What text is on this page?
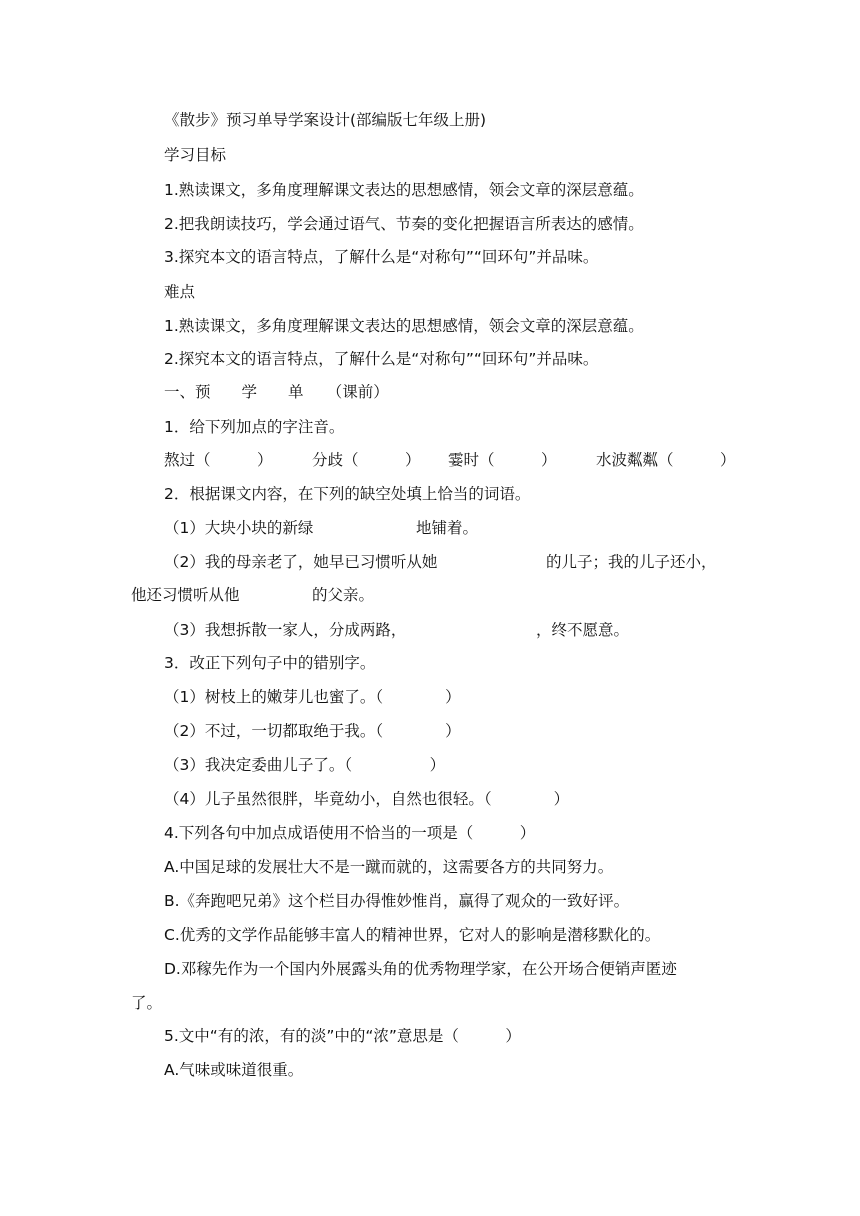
《散步》预习单导学案设计(部编版七年级上册)

学习目标

1.熟读课文，多角度理解课文表达的思想感情，领会文章的深层意蕴。

2.把我朗读技巧，学会通过语气、节奏的变化把握语言所表达的感情。

3.探究本文的语言特点，了解什么是“对称句”“回环句”并品味。

难点

1.熟读课文，多角度理解课文表达的思想感情，领会文章的深层意蕴。

2.探究本文的语言特点，了解什么是“对称句”“回环句”并品味。

一、预　　学　　单　　（课前）

1．给下列加点的字注音。

熬过（　　　）

	分歧（　　　）

霎时（　　　）

	水波粼粼（　　　）

2．根据课文内容，在下列的缺空处填上恰当的词语。

（1）大块小块的新绿

	地铺着。

（2）我的母亲老了，她早已习惯听从她

	的儿子；我的儿子还小，

他还习惯听从他

	的父亲。

（3）我想拆散一家人，分成两路，

	，终不愿意。

3．改正下列句子中的错别字。

（1）树枝上的嫩芽儿也蜜了。（　　　　）

（2）不过，一切都取绝于我。（　　　　）

（3）我决定委曲儿子了。（　　　　　）

（4）儿子虽然很胖，毕竟幼小，自然也很轻。（　　　　）

4.下列各句中加点成语使用不恰当的一项是（　　　）

A.中国足球的发展壮大不是一蹴而就的，这需要各方的共同努力。

B.《奔跑吧兄弟》这个栏目办得惟妙惟肖，赢得了观众的一致好评。

C.优秀的文学作品能够丰富人的精神世界，它对人的影响是潜移默化的。

D.邓稼先作为一个国内外展露头角的优秀物理学家，在公开场合便销声匿迹

了。

5.文中“有的浓，有的淡”中的“浓”意思是（　　　）

A.气味或味道很重。
